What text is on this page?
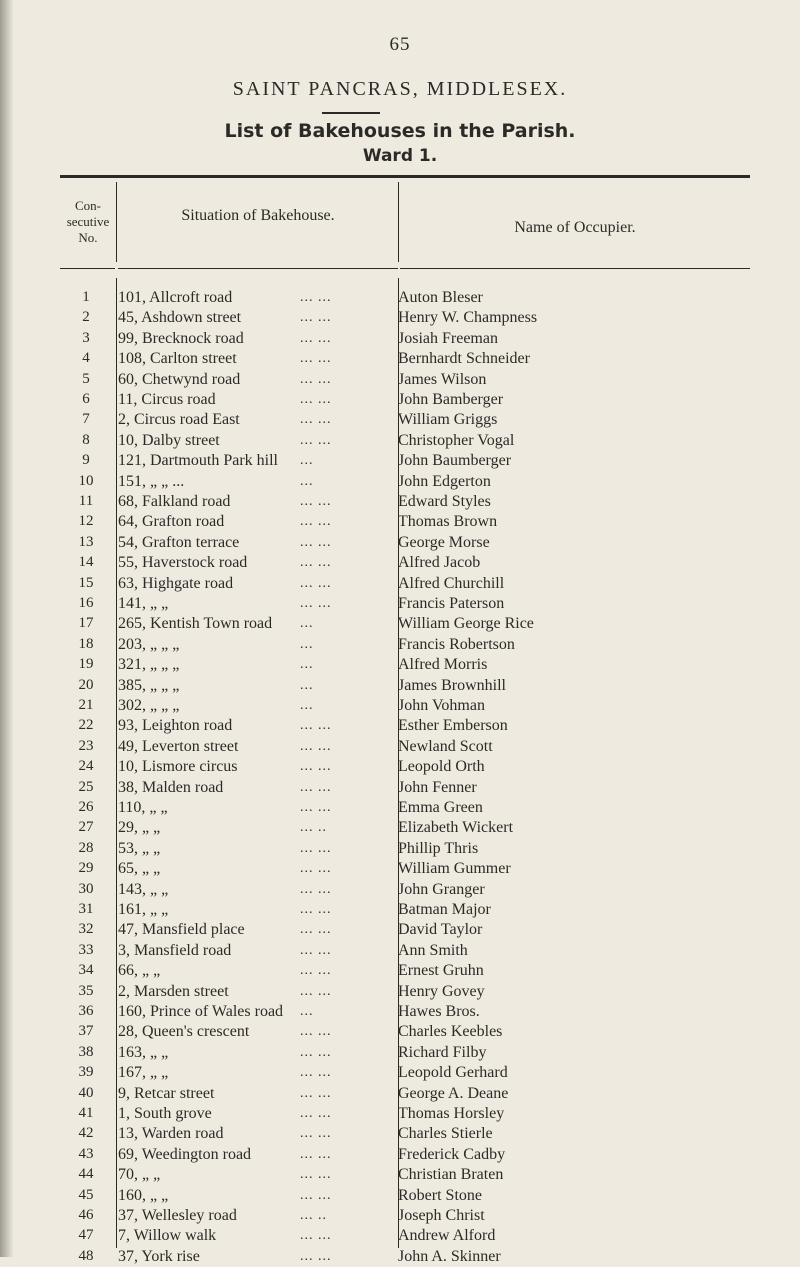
65
SAINT PANCRAS, MIDDLESEX.
List of Bakehouses in the Parish.
Ward 1.
Con- secutive No.
Situation of Bakehouse.
Name of Occupier.
1	101, Allcroft road	... ...	Auton Bleser
2	45, Ashdown street	... ...	Henry W. Champness
3	99, Brecknock road	... ...	Josiah Freeman
4	108, Carlton street	... ...	Bernhardt Schneider
5	60, Chetwynd road	... ...	James Wilson
6	11, Circus road	... ...	John Bamberger
7	2, Circus road East	... ...	William Griggs
8	10, Dalby street	... ...	Christopher Vogal
9	121, Dartmouth Park hill	...	John Baumberger
10	151, „ „ ...	...	John Edgerton
11	68, Falkland road	... ...	Edward Styles
12	64, Grafton road	... ...	Thomas Brown
13	54, Grafton terrace	... ...	George Morse
14	55, Haverstock road	... ...	Alfred Jacob
15	63, Highgate road	... ...	Alfred Churchill
16	141, „ „	... ...	Francis Paterson
17	265, Kentish Town road	...	William George Rice
18	203, „ „ „	...	Francis Robertson
19	321, „ „ „	...	Alfred Morris
20	385, „ „ „	...	James Brownhill
21	302, „ „ „	...	John Vohman
22	93, Leighton road	... ...	Esther Emberson
23	49, Leverton street	... ...	Newland Scott
24	10, Lismore circus	... ...	Leopold Orth
25	38, Malden road	... ...	John Fenner
26	110, „ „	... ...	Emma Green
27	29, „ „	... ..	Elizabeth Wickert
28	53, „ „	... ...	Phillip Thris
29	65, „ „	... ...	William Gummer
30	143, „ „	... ...	John Granger
31	161, „ „	... ...	Batman Major
32	47, Mansfield place	... ...	David Taylor
33	3, Mansfield road	... ...	Ann Smith
34	66, „ „	... ...	Ernest Gruhn
35	2, Marsden street	... ...	Henry Govey
36	160, Prince of Wales road	...	Hawes Bros.
37	28, Queen's crescent	... ...	Charles Keebles
38	163, „ „	... ...	Richard Filby
39	167, „ „	... ...	Leopold Gerhard
40	9, Retcar street	... ...	George A. Deane
41	1, South grove	... ...	Thomas Horsley
42	13, Warden road	... ...	Charles Stierle
43	69, Weedington road	... ...	Frederick Cadby
44	70, „ „	... ...	Christian Braten
45	160, „ „	... ...	Robert Stone
46	37, Wellesley road	... ..	Joseph Christ
47	7, Willow walk	... ...	Andrew Alford
48	37, York rise	... ...	John A. Skinner
